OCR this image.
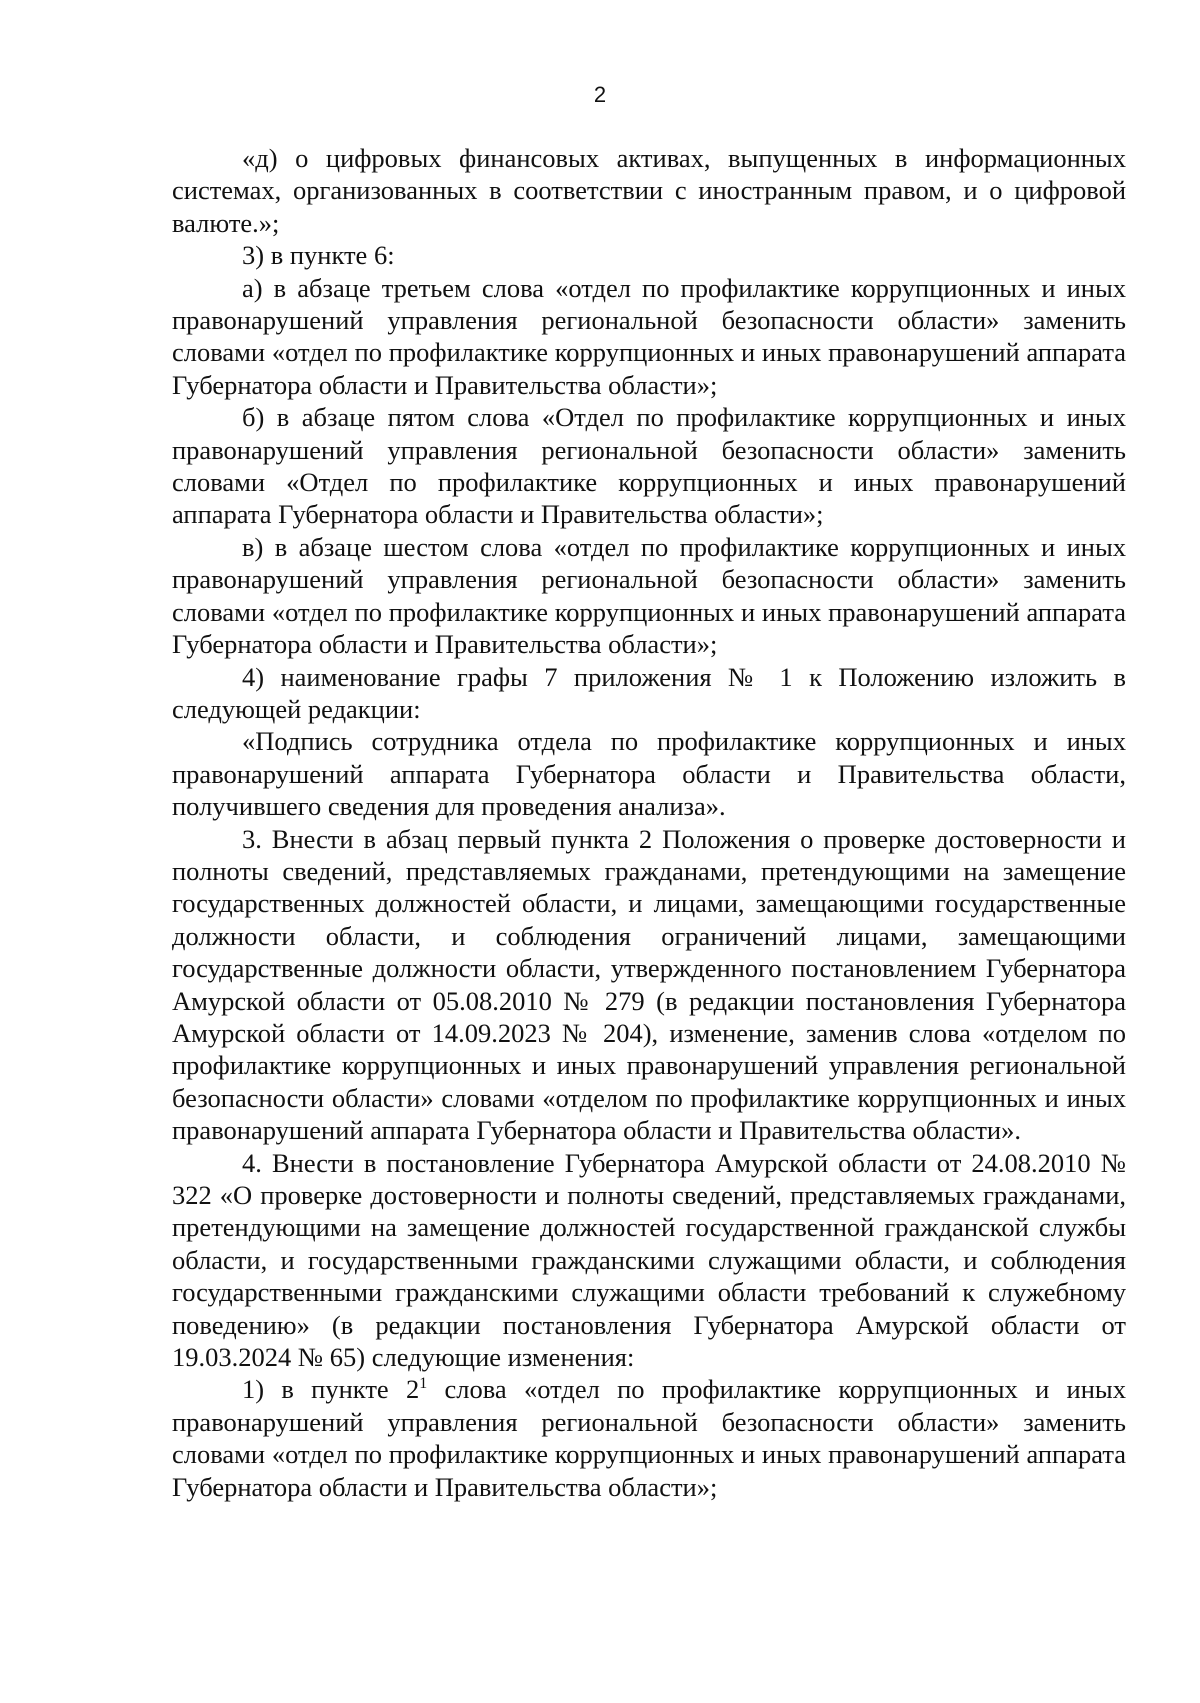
2

«д) о цифровых финансовых активах, выпущенных в информационных системах, организованных в соответствии с иностранным правом, и о цифровой валюте.»;

3) в пункте 6:

а) в абзаце третьем слова «отдел по профилактике коррупционных и иных правонарушений управления региональной безопасности области» заменить словами «отдел по профилактике коррупционных и иных правонарушений аппарата Губернатора области и Правительства области»;

б) в абзаце пятом слова «Отдел по профилактике коррупционных и иных правонарушений управления региональной безопасности области» заменить словами «Отдел по профилактике коррупционных и иных правонарушений аппарата Губернатора области и Правительства области»;

в) в абзаце шестом слова «отдел по профилактике коррупционных и иных правонарушений управления региональной безопасности области» заменить словами «отдел по профилактике коррупционных и иных правонарушений аппарата Губернатора области и Правительства области»;

4) наименование графы 7 приложения № 1 к Положению изложить в следующей редакции:

«Подпись сотрудника отдела по профилактике коррупционных и иных правонарушений аппарата Губернатора области и Правительства области, получившего сведения для проведения анализа».

3. Внести в абзац первый пункта 2 Положения о проверке достоверности и полноты сведений, представляемых гражданами, претендующими на замещение государственных должностей области, и лицами, замещающими государственные должности области, и соблюдения ограничений лицами, замещающими государственные должности области, утвержденного постановлением Губернатора Амурской области от 05.08.2010 № 279 (в редакции постановления Губернатора Амурской области от 14.09.2023 № 204), изменение, заменив слова «отделом по профилактике коррупционных и иных правонарушений управления региональной безопасности области» словами «отделом по профилактике коррупционных и иных правонарушений аппарата Губернатора области и Правительства области».

4. Внести в постановление Губернатора Амурской области от 24.08.2010 № 322 «О проверке достоверности и полноты сведений, представляемых гражданами, претендующими на замещение должностей государственной гражданской службы области, и государственными гражданскими служащими области, и соблюдения государственными гражданскими служащими области требований к служебному поведению» (в редакции постановления Губернатора Амурской области от 19.03.2024 № 65) следующие изменения:

1) в пункте $2^1$ слова «отдел по профилактике коррупционных и иных правонарушений управления региональной безопасности области» заменить словами «отдел по профилактике коррупционных и иных правонарушений аппарата Губернатора области и Правительства области»;
